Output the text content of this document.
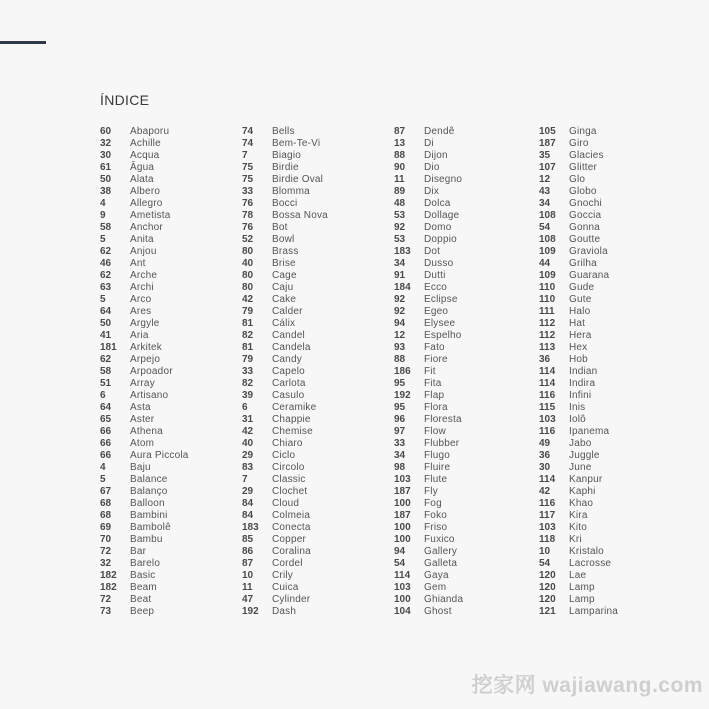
ÍNDICE
60	Abaporu
32	Achille
30	Acqua
61	Âgua
50	Alata
38	Albero
4	Allegro
9	Ametista
58	Anchor
5	Anita
62	Anjou
46	Ant
62	Arche
63	Archi
5	Arco
64	Ares
50	Argyle
41	Aria
181	Arkitek
62	Arpejo
58	Arpoador
51	Array
6	Artisano
64	Asta
65	Aster
66	Athena
66	Atom
66	Aura Piccola
4	Baju
5	Balance
67	Balanço
68	Balloon
68	Bambini
69	Bambolê
70	Bambu
72	Bar
32	Barelo
182	Basic
182	Beam
72	Beat
73	Beep
74	Bells
74	Bem-Te-Vi
7	Biagio
75	Birdie
75	Birdie Oval
33	Blomma
76	Bocci
78	Bossa Nova
76	Bot
52	Bowl
80	Brass
40	Brise
80	Cage
80	Caju
42	Cake
79	Calder
81	Cálix
82	Candel
81	Candela
79	Candy
33	Capelo
82	Carlota
39	Casulo
6	Ceramike
31	Chappie
42	Chemise
40	Chiaro
29	Ciclo
83	Circolo
7	Classic
29	Clochet
84	Cloud
84	Colmeia
183	Conecta
85	Copper
86	Coralina
87	Cordel
10	Crily
11	Cuica
47	Cylinder
192	Dash
87	Dendê
13	Di
88	Dijon
90	Dio
11	Disegno
89	Dix
48	Dolca
53	Dollage
92	Domo
53	Doppio
183	Dot
34	Dusso
91	Dutti
184	Ecco
92	Eclipse
92	Egeo
94	Elysee
12	Espelho
93	Fato
88	Fiore
186	Fit
95	Fita
192	Flap
95	Flora
96	Floresta
97	Flow
33	Flubber
34	Flugo
98	Fluire
103	Flute
187	Fly
100	Fog
187	Foko
100	Friso
100	Fuxico
94	Gallery
54	Galleta
114	Gaya
103	Gem
100	Ghianda
104	Ghost
105	Ginga
187	Giro
35	Glacies
107	Glitter
12	Glo
43	Globo
34	Gnochi
108	Goccia
54	Gonna
108	Goutte
109	Graviola
44	Grilha
109	Guarana
110	Gude
110	Gute
111	Halo
112	Hat
112	Hera
113	Hex
36	Hob
114	Indian
114	Indira
116	Infini
115	Inis
103	Iolô
116	Ipanema
49	Jabo
36	Juggle
30	June
114	Kanpur
42	Kaphi
116	Khao
117	Kira
103	Kito
118	Kri
10	Kristalo
54	Lacrosse
120	Lae
120	Lamp
120	Lamp
121	Lamparina
挖家网 wajiawang.com
